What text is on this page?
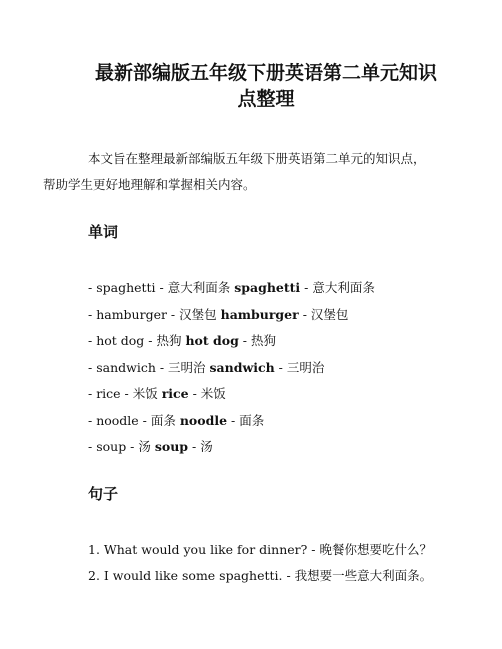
最新部编版五年级下册英语第二单元知识
点整理

本文旨在整理最新部编版五年级下册英语第二单元的知识点，
帮助学生更好地理解和掌握相关内容。

单词
- spaghetti - 意大利面条 spaghetti - 意大利面条
- hamburger - 汉堡包 hamburger - 汉堡包
- hot dog - 热狗 hot dog - 热狗
- sandwich - 三明治 sandwich - 三明治
- rice - 米饭 rice - 米饭
- noodle - 面条 noodle - 面条
- soup - 汤 soup - 汤
句子
1. What would you like for dinner? - 晚餐你想要吃什么？
2. I would like some spaghetti. - 我想要一些意大利面条。
